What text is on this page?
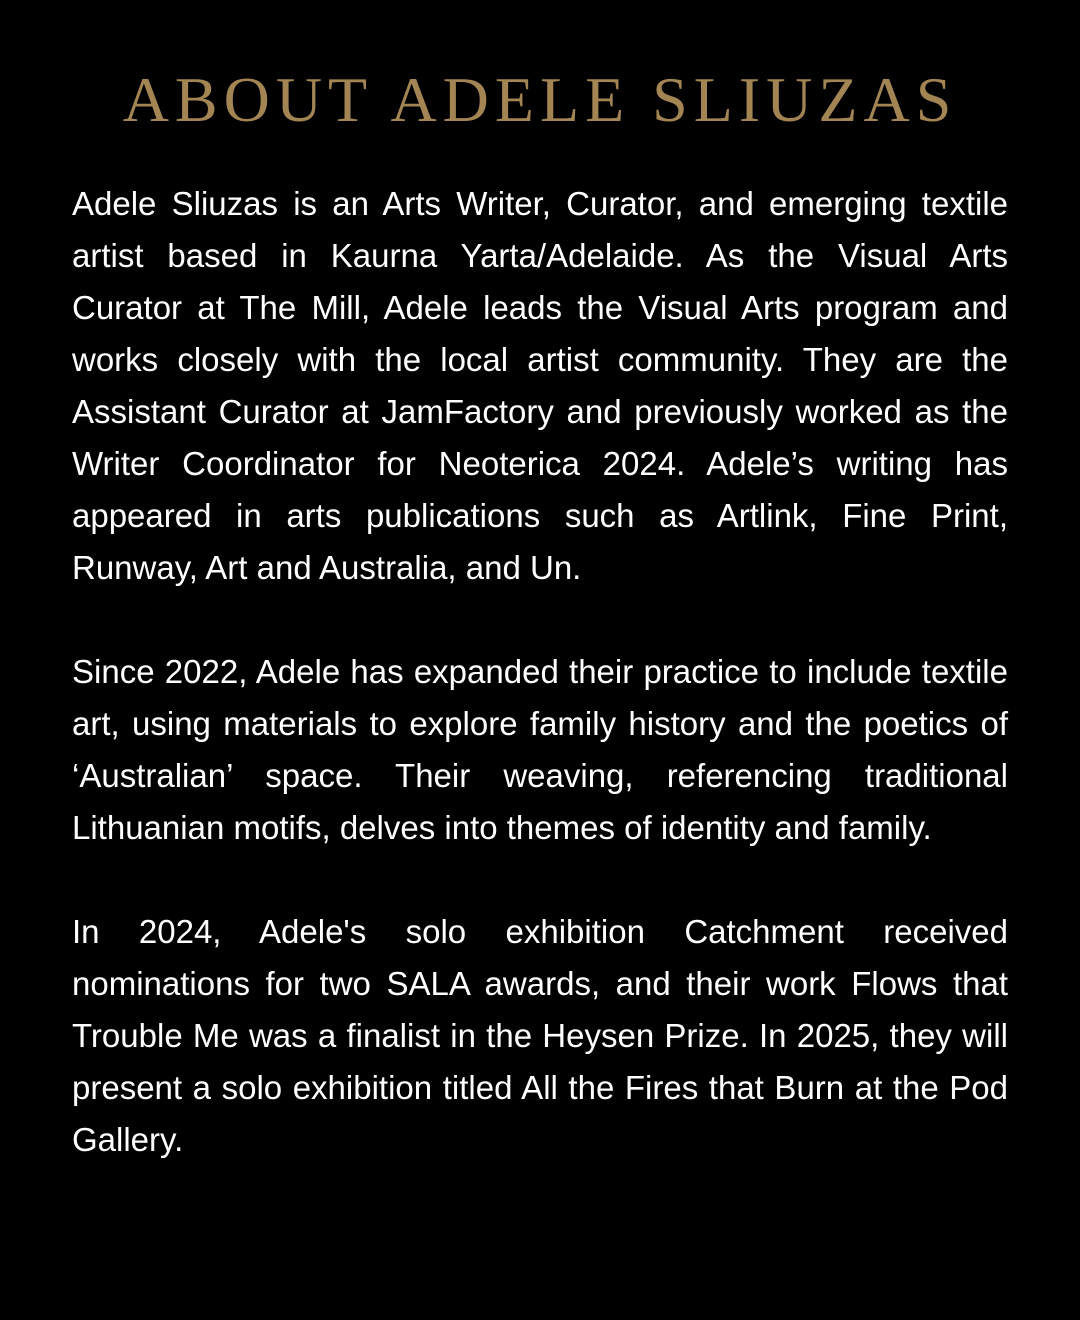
ABOUT ADELE SLIUZAS

Adele Sliuzas is an Arts Writer, Curator, and emerging textile artist based in Kaurna Yarta/Adelaide. As the Visual Arts Curator at The Mill, Adele leads the Visual Arts program and works closely with the local artist community. They are the Assistant Curator at JamFactory and previously worked as the Writer Coordinator for Neoterica 2024. Adele’s writing has appeared in arts publications such as Artlink, Fine Print, Runway, Art and Australia, and Un.

Since 2022, Adele has expanded their practice to include textile art, using materials to explore family history and the poetics of ‘Australian’ space. Their weaving, referencing traditional Lithuanian motifs, delves into themes of identity and family.

In 2024, Adele's solo exhibition Catchment received nominations for two SALA awards, and their work Flows that Trouble Me was a finalist in the Heysen Prize. In 2025, they will present a solo exhibition titled All the Fires that Burn at the Pod Gallery.
